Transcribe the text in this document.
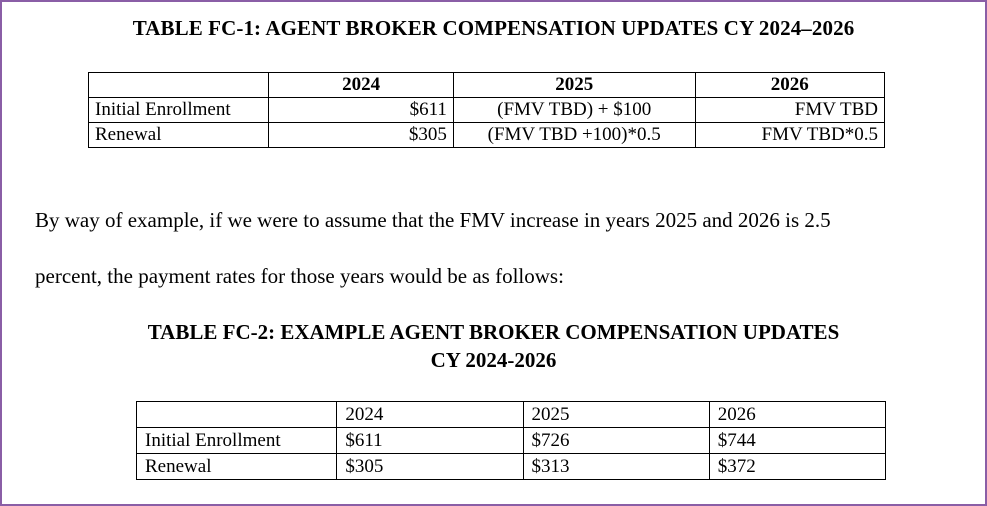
TABLE FC-1: AGENT BROKER COMPENSATION UPDATES CY 2024–2026
	2024	2025	2026
Initial Enrollment	$611	(FMV TBD) + $100	FMV TBD
Renewal	$305	(FMV TBD +100)*0.5	FMV TBD*0.5
By way of example, if we were to assume that the FMV increase in years 2025 and 2026 is 2.5
percent, the payment rates for those years would be as follows:
TABLE FC-2: EXAMPLE AGENT BROKER COMPENSATION UPDATES
CY 2024-2026
	2024	2025	2026
Initial Enrollment	$611	$726	$744
Renewal	$305	$313	$372
